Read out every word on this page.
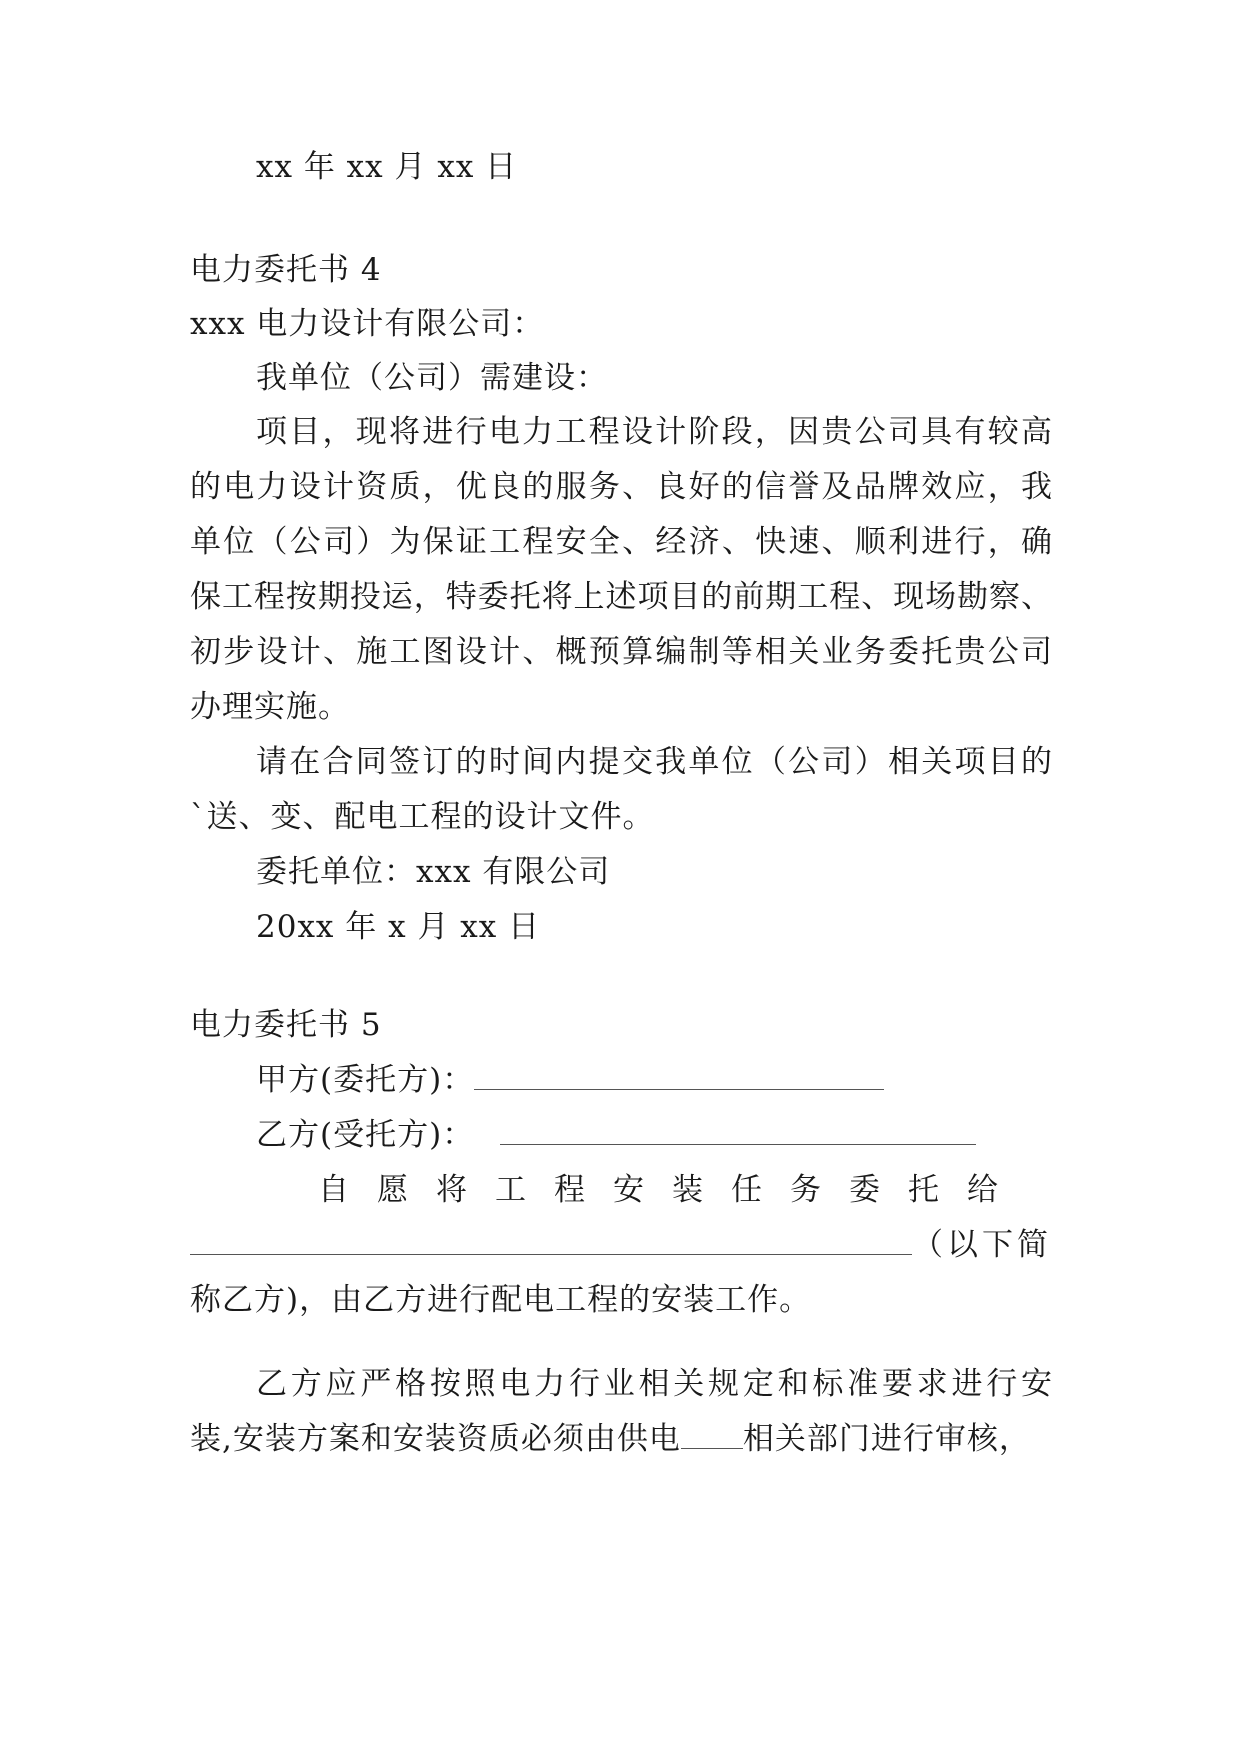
xx 年 xx 月 xx 日
电力委托书 4
xxx 电力设计有限公司：
我单位（公司）需建设：
项目，现将进行电力工程设计阶段，因贵公司具有较高
的电力设计资质，优良的服务、良好的信誉及品牌效应，我
单位（公司）为保证工程安全、经济、快速、顺利进行，确
保工程按期投运，特委托将上述项目的前期工程、现场勘察、
初步设计、施工图设计、概预算编制等相关业务委托贵公司
办理实施。
请在合同签订的时间内提交我单位（公司）相关项目的
`送、变、配电工程的设计文件。
委托单位：xxx 有限公司
20xx 年 x 月 xx 日
电力委托书 5
甲方(委托方)：
乙方(受托方)：
自愿将工程安装任务委托给
（以下简
称乙方)，由乙方进行配电工程的安装工作。
乙方应严格按照电力行业相关规定和标准要求进行安
装,安装方案和安装资质必须由供电 相关部门进行审核，
